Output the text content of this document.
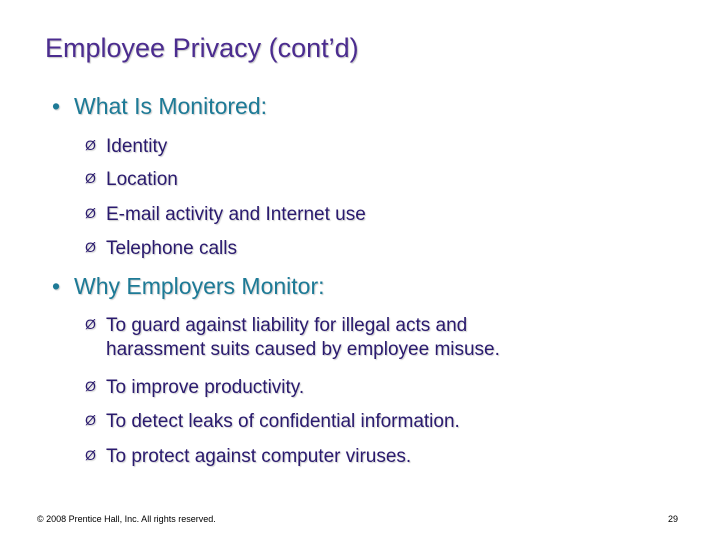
Employee Privacy (cont’d)
• What Is Monitored:
Ø Identity
Ø Location
Ø E-mail activity and Internet use
Ø Telephone calls
• Why Employers Monitor:
Ø To guard against liability for illegal acts and
harassment suits caused by employee misuse.
Ø To improve productivity.
Ø To detect leaks of confidential information.
Ø To protect against computer viruses.
© 2008 Prentice Hall, Inc. All rights reserved.	29
